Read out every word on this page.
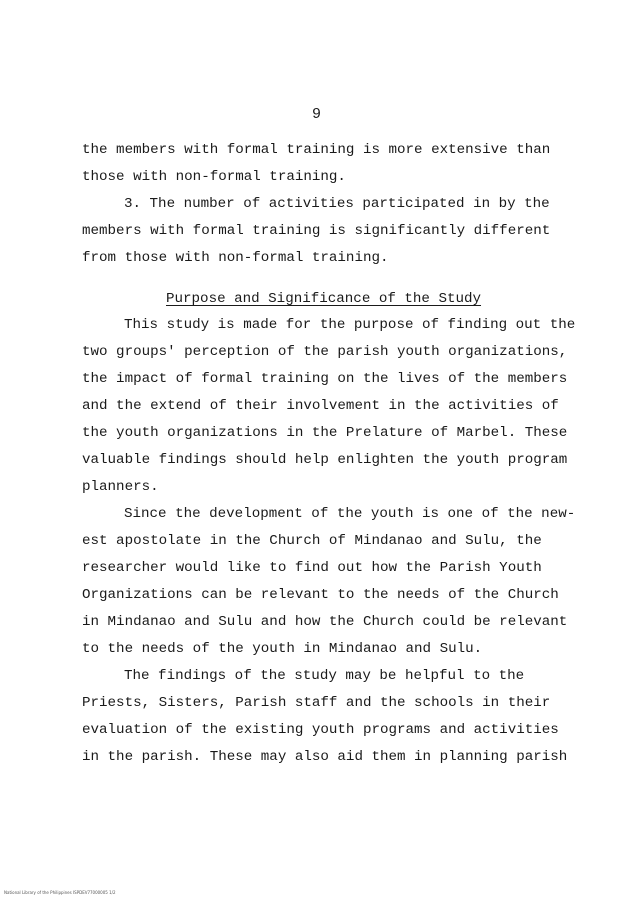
9
the members with formal training is more extensive than
those with non-formal training.
3. The number of activities participated in by the
members with formal training is significantly different
from those with non-formal training.
Purpose and Significance of the Study
This study is made for the purpose of finding out the
two groups' perception of the parish youth organizations,
the impact of formal training on the lives of the members
and the extend of their involvement in the activities of
the youth organizations in the Prelature of Marbel. These
valuable findings should help enlighten the youth program
planners.
Since the development of the youth is one of the new-
est apostolate in the Church of Mindanao and Sulu, the
researcher would like to find out how the Parish Youth
Organizations can be relevant to the needs of the Church
in Mindanao and Sulu and how the Church could be relevant
to the needs of the youth in Mindanao and Sulu.
The findings of the study may be helpful to the
Priests, Sisters, Parish staff and the schools in their
evaluation of the existing youth programs and activities
in the parish. These may also aid them in planning parish
National Library of the Philippines ISPDEV77000005 1/2
